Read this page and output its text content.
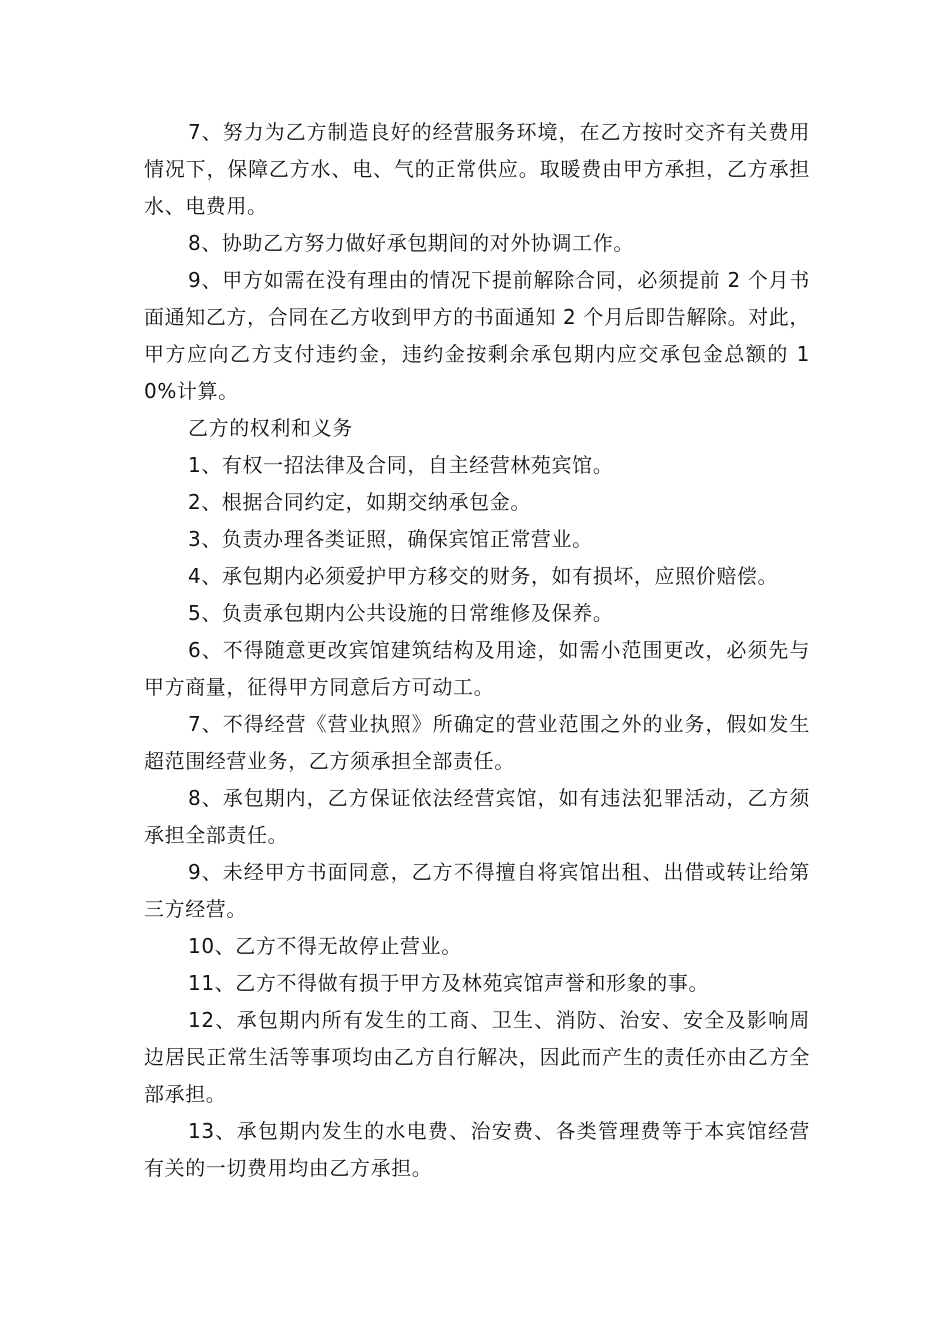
7、努力为乙方制造良好的经营服务环境，在乙方按时交齐有关费用情况下，保障乙方水、电、气的正常供应。取暖费由甲方承担，乙方承担水、电费用。

8、协助乙方努力做好承包期间的对外协调工作。

9、甲方如需在没有理由的情况下提前解除合同，必须提前 2 个月书面通知乙方，合同在乙方收到甲方的书面通知 2 个月后即告解除。对此，甲方应向乙方支付违约金，违约金按剩余承包期内应交承包金总额的 10%计算。

乙方的权利和义务

1、有权一招法律及合同，自主经营林苑宾馆。

2、根据合同约定，如期交纳承包金。

3、负责办理各类证照，确保宾馆正常营业。

4、承包期内必须爱护甲方移交的财务，如有损坏，应照价赔偿。

5、负责承包期内公共设施的日常维修及保养。

6、不得随意更改宾馆建筑结构及用途，如需小范围更改，必须先与甲方商量，征得甲方同意后方可动工。

7、不得经营《营业执照》所确定的营业范围之外的业务，假如发生超范围经营业务，乙方须承担全部责任。

8、承包期内，乙方保证依法经营宾馆，如有违法犯罪活动，乙方须承担全部责任。

9、未经甲方书面同意，乙方不得擅自将宾馆出租、出借或转让给第三方经营。

10、乙方不得无故停止营业。

11、乙方不得做有损于甲方及林苑宾馆声誉和形象的事。

12、承包期内所有发生的工商、卫生、消防、治安、安全及影响周边居民正常生活等事项均由乙方自行解决，因此而产生的责任亦由乙方全部承担。

13、承包期内发生的水电费、治安费、各类管理费等于本宾馆经营有关的一切费用均由乙方承担。
